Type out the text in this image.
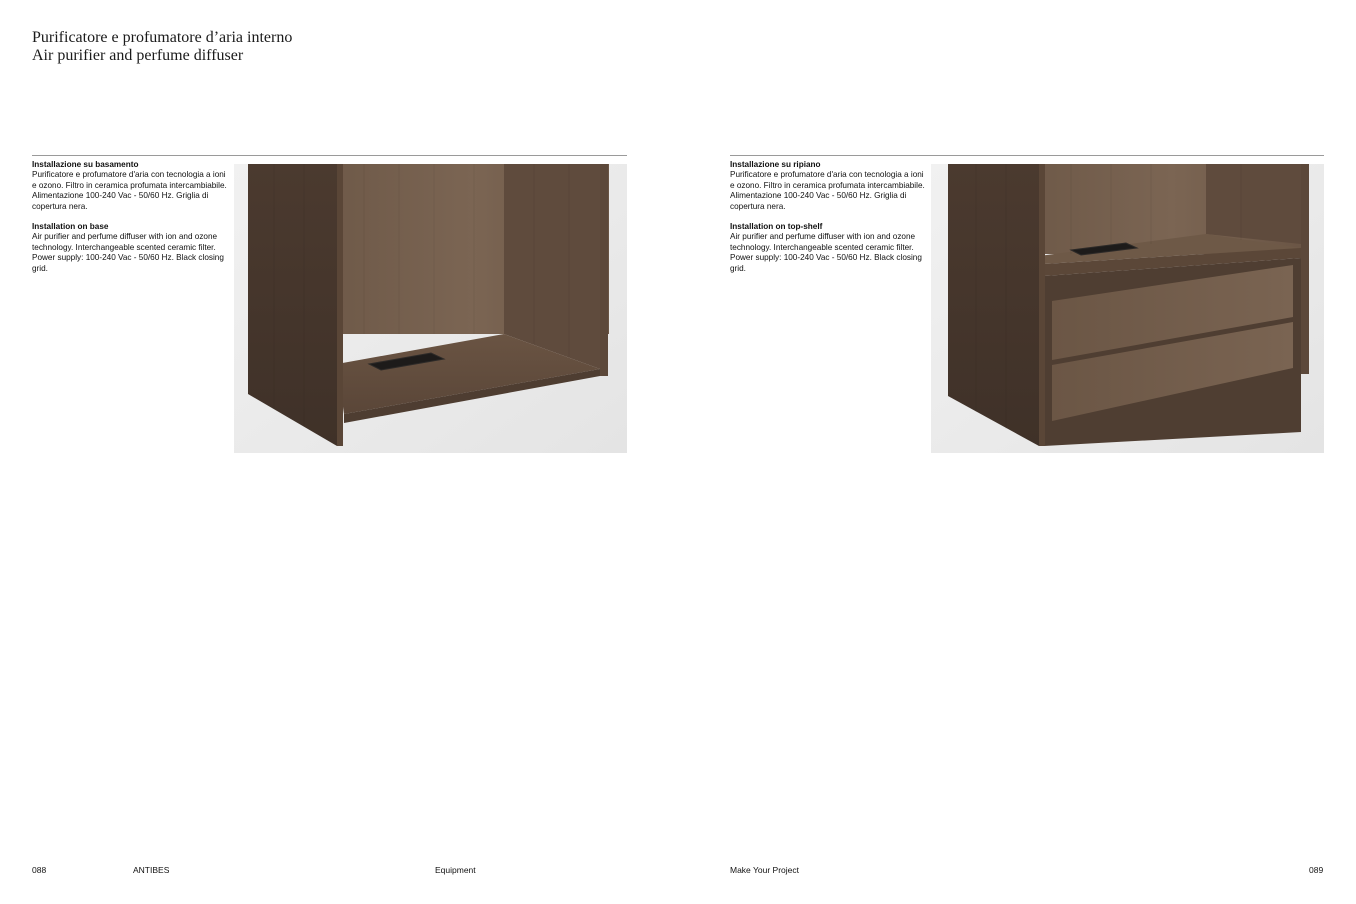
Purificatore e profumatore d’aria interno
Air purifier and perfume diffuser

Installazione su basamento
Purificatore e profumatore d'aria con tecnologia a ioni e ozono. Filtro in ceramica profumata intercambiabile. Alimentazione 100-240 Vac - 50/60 Hz. Griglia di copertura nera.

Installation on base
Air purifier and perfume diffuser with ion and ozone technology. Interchangeable scented ceramic filter. Power supply: 100-240 Vac - 50/60 Hz. Black closing grid.

Installazione su ripiano
Purificatore e profumatore d'aria con tecnologia a ioni e ozono. Filtro in ceramica profumata intercambiabile. Alimentazione 100-240 Vac - 50/60 Hz. Griglia di copertura nera.

Installation on top-shelf
Air purifier and perfume diffuser with ion and ozone technology. Interchangeable scented ceramic filter. Power supply: 100-240 Vac - 50/60 Hz. Black closing grid.

088	ANTIBES	Equipment	Make Your Project	089
